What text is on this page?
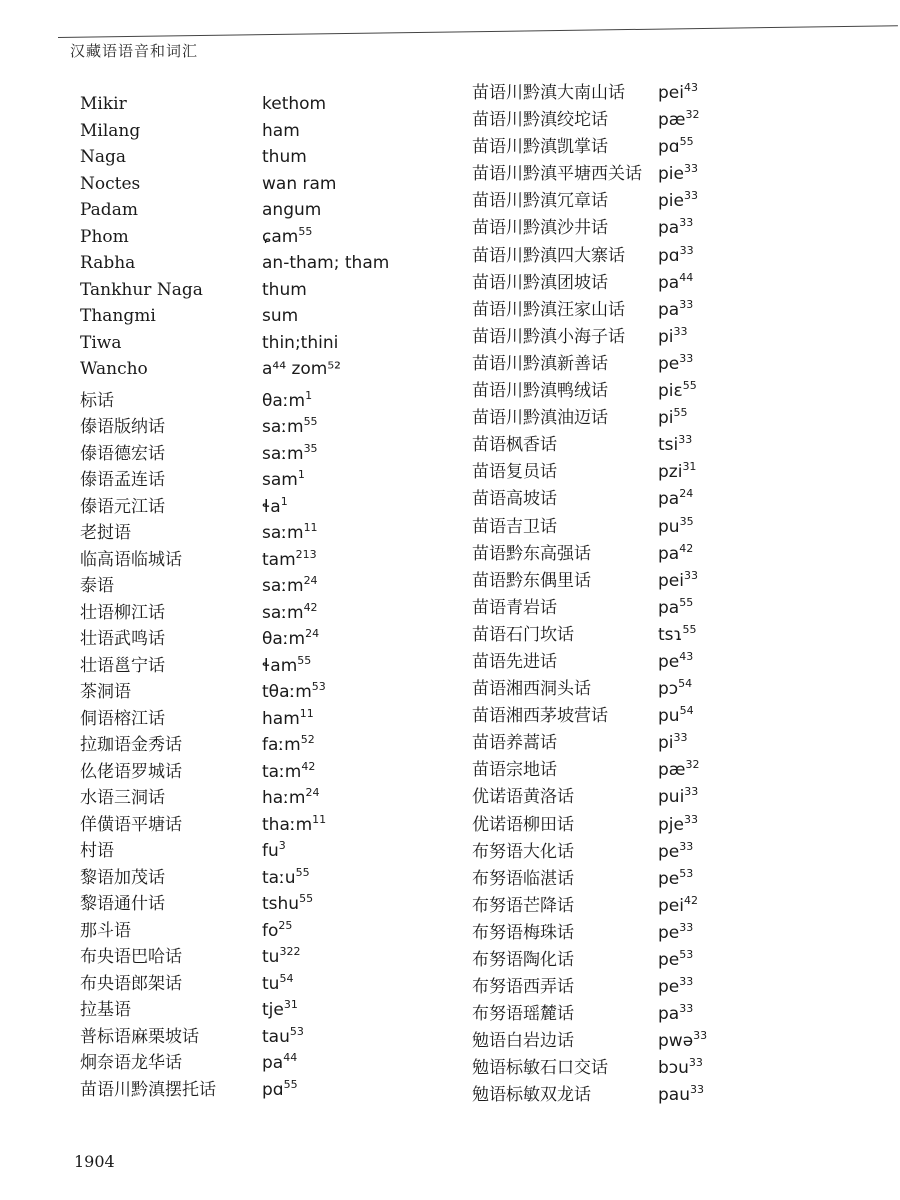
汉藏语语音和词汇
Mikir	kethom
Milang	ham
Naga	thum
Noctes	wan ram
Padam	angum
Phom	ɕam$^{55}$
Rabha	an-tham; tham
Tankhur Naga	thum
Thangmi	sum
Tiwa	thin;thini
Wancho	a⁴⁴ zom⁵²
标话	θaːm$^1$
傣语版纳话	saːm$^{55}$
傣语德宏话	saːm$^{35}$
傣语孟连话	sam$^1$
傣语元江话	ɬa$^1$
老挝语	saːm$^{11}$
临高语临城话	tam$^{213}$
泰语	saːm$^{24}$
壮语柳江话	saːm$^{42}$
壮语武鸣话	θaːm$^{24}$
壮语邕宁话	ɬam$^{55}$
茶洞语	tθaːm$^{53}$
侗语榕江话	ham$^{11}$
拉珈语金秀话	faːm$^{52}$
仫佬语罗城话	taːm$^{42}$
水语三洞话	haːm$^{24}$
佯僙语平塘话	thaːm$^{11}$
村语	$fu^3$
黎语加茂话	taːu$^{55}$
黎语通什话	tshu$^{55}$
那斗语	$fo^{25}$
布央语巴哈话	$tu^{322}$
布央语郎架话	$tu^{54}$
拉基语	tje$^{31}$
普标语麻栗坡话	tau$^{53}$
炯奈语龙华话	$pa^{44}$
苗语川黔滇摆托话	pɑ$^{55}$
苗语川黔滇大南山话	pei$^{43}$
苗语川黔滇绞坨话	$pæ^{32}$
苗语川黔滇凯掌话	pɑ$^{55}$
苗语川黔滇平塘西关话 pie$^{33}$
苗语川黔滇冗章话	pie$^{33}$
苗语川黔滇沙井话	$pa^{33}$
苗语川黔滇四大寨话	pɑ$^{33}$
苗语川黔滇团坡话	$pa^{44}$
苗语川黔滇汪家山话	$pa^{33}$
苗语川黔滇小海子话	$pi^{33}$
苗语川黔滇新善话	$pe^{33}$
苗语川黔滇鸭绒话	piɛ$^{55}$
苗语川黔滇油迈话	$pi^{55}$
苗语枫香话	tsi$^{33}$
苗语复员话	pzi$^{31}$
苗语高坡话	$pa^{24}$
苗语吉卫话	$pu^{35}$
苗语黔东高强话	$pa^{42}$
苗语黔东偶里话	pei$^{33}$
苗语青岩话	$pa^{55}$
苗语石门坎话	tsɿ$^{55}$
苗语先进话	$pe^{43}$
苗语湘西洞头话	pɔ$^{54}$
苗语湘西茅坡营话	$pu^{54}$
苗语养蒿话	$pi^{33}$
苗语宗地话	$pæ^{32}$
优诺语黄洛话	pui$^{33}$
优诺语柳田话	pje$^{33}$
布努语大化话	$pe^{33}$
布努语临湛话	$pe^{53}$
布努语芒降话	pei$^{42}$
布努语梅珠话	$pe^{33}$
布努语陶化话	$pe^{53}$
布努语西弄话	$pe^{33}$
布努语瑶麓话	$pa^{33}$
勉语白岩边话	pwə$^{33}$
勉语标敏石口交话	bɔu$^{33}$
勉语标敏双龙话	pau$^{33}$
1904
